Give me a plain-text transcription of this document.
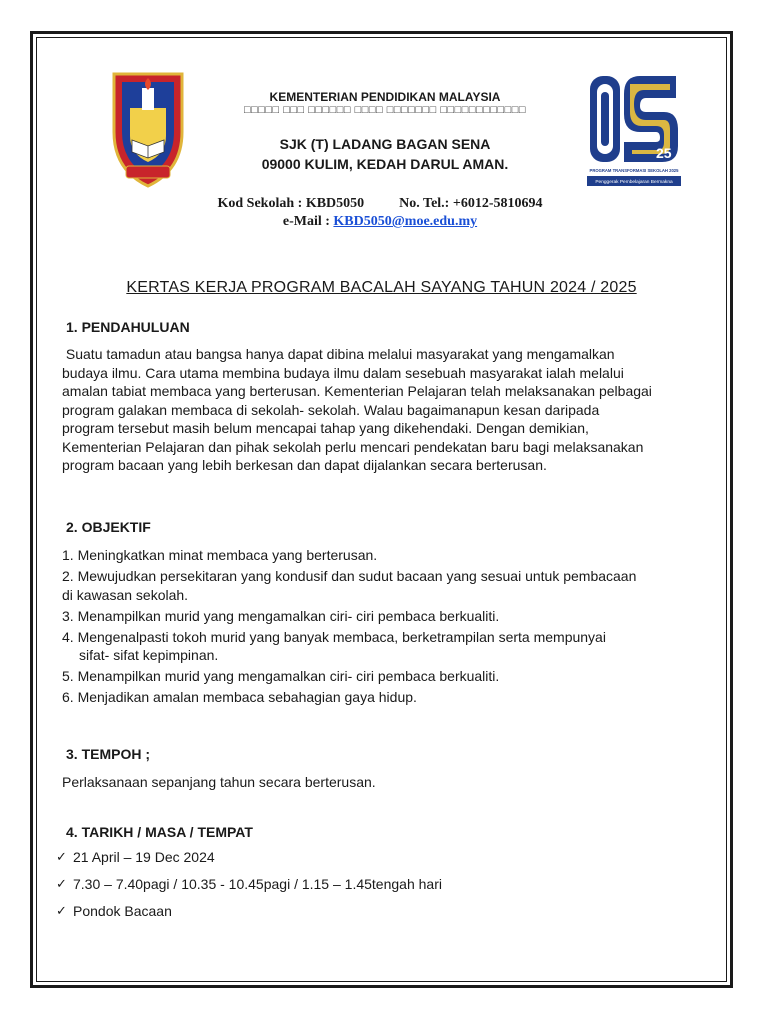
25
PROGRAM TRANSFORMASI SEKOLAH 2025
Penggerak Pembelajaran Bermakna
KEMENTERIAN PENDIDIKAN MALAYSIA
□□□□□ □□□ □□□□□□ □□□□ □□□□□□□ □□□□□□□□□□□□
SJK (T) LADANG BAGAN SENA
09000 KULIM, KEDAH DARUL AMAN.
Kod Sekolah : KBD5050	No. Tel.: +6012-5810694
e-Mail : KBD5050@moe.edu.my
KERTAS KERJA PROGRAM BACALAH SAYANG TAHUN 2024 / 2025
1. PENDAHULUAN

Suatu tamadun atau bangsa hanya dapat dibina melalui masyarakat yang mengamalkan

budaya ilmu. Cara utama membina budaya ilmu dalam sesebuah masyarakat ialah melalui

amalan tabiat membaca yang berterusan. Kementerian Pelajaran telah melaksanakan pelbagai

program galakan membaca di sekolah- sekolah. Walau bagaimanapun kesan daripada

program tersebut masih belum mencapai tahap yang dikehendaki. Dengan demikian,

Kementerian Pelajaran dan pihak sekolah perlu mencari pendekatan baru bagi melaksanakan

program bacaan yang lebih berkesan dan dapat dijalankan secara berterusan.

2. OBJEKTIF
1. Meningkatkan minat membaca yang berterusan.
2. Mewujudkan persekitaran yang kondusif dan sudut bacaan yang sesuai untuk pembacaan
di kawasan sekolah.
3. Menampilkan murid yang mengamalkan ciri- ciri pembaca berkualiti.
4. Mengenalpasti tokoh murid yang banyak membaca, berketrampilan serta mempunyai
sifat- sifat kepimpinan.
5. Menampilkan murid yang mengamalkan ciri- ciri pembaca berkualiti.
6. Menjadikan amalan membaca sebahagian gaya hidup.
3. TEMPOH ;
Perlaksanaan sepanjang tahun secara berterusan.
4. TARIKH / MASA / TEMPAT
✓ 21 April – 19 Dec 2024
✓ 7.30 – 7.40pagi / 10.35 - 10.45pagi / 1.15 – 1.45tengah hari
✓ Pondok Bacaan
